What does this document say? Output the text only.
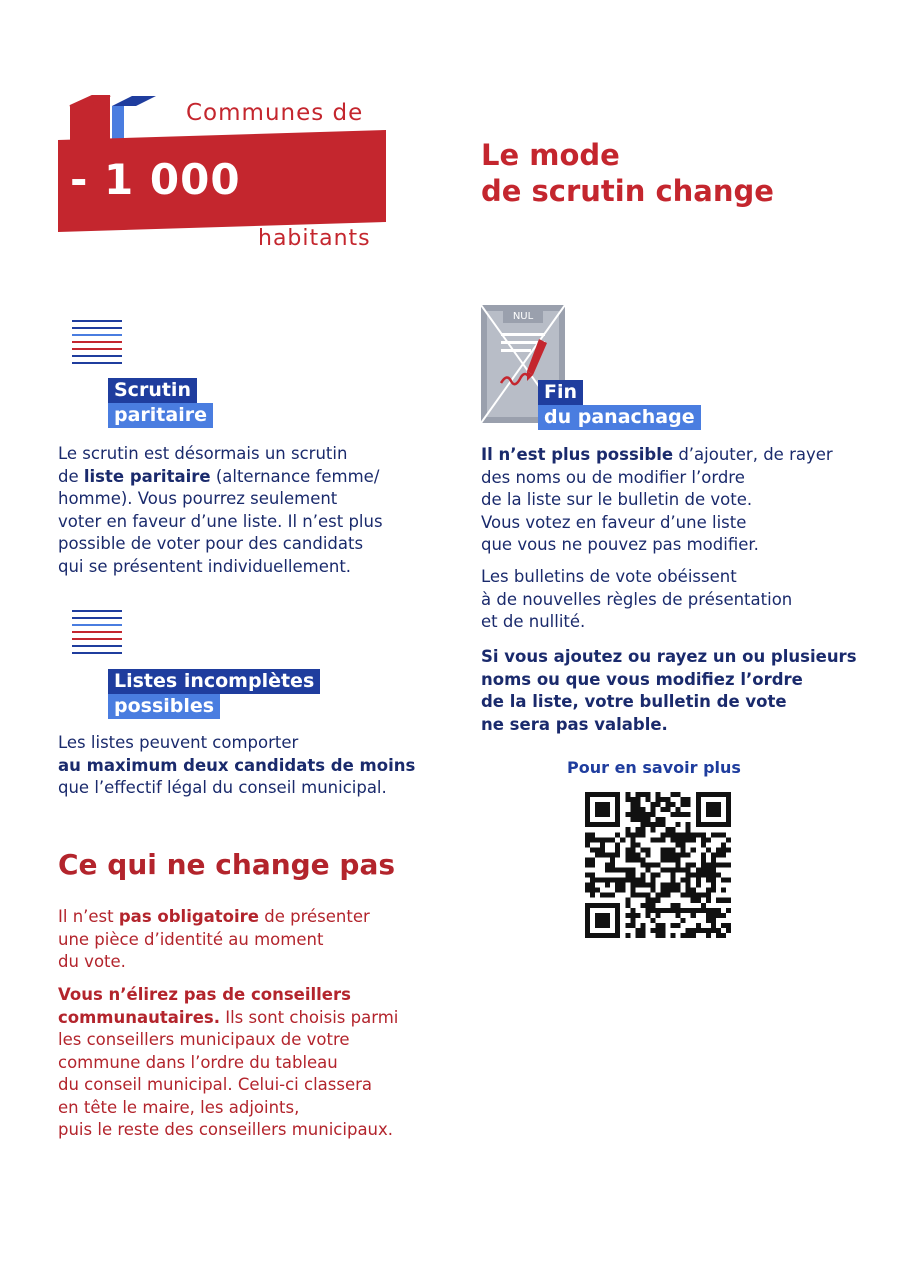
Communes de
- 1 000
habitants
Le mode
de scrutin change
Scrutin
paritaire
Le scrutin est désormais un scrutin
de liste paritaire (alternance femme/
homme). Vous pourrez seulement
voter en faveur d’une liste. Il n’est plus
possible de voter pour des candidats
qui se présentent individuellement.
Listes incomplètes
possibles
Les listes peuvent comporter
au maximum deux candidats de moins
que l’effectif légal du conseil municipal.
Ce qui ne change pas
Il n’est pas obligatoire de présenter
une pièce d’identité au moment
du vote.
Vous n’élirez pas de conseillers
communautaires. Ils sont choisis parmi
les conseillers municipaux de votre
commune dans l’ordre du tableau
du conseil municipal. Celui-ci classera
en tête le maire, les adjoints,
puis le reste des conseillers municipaux.
NUL
Fin
du panachage
Il n’est plus possible d’ajouter, de rayer
des noms ou de modifier l’ordre
de la liste sur le bulletin de vote.
Vous votez en faveur d’une liste
que vous ne pouvez pas modifier.
Les bulletins de vote obéissent
à de nouvelles règles de présentation
et de nullité.
Si vous ajoutez ou rayez un ou plusieurs
noms ou que vous modifiez l’ordre
de la liste, votre bulletin de vote
ne sera pas valable.
Pour en savoir plus
